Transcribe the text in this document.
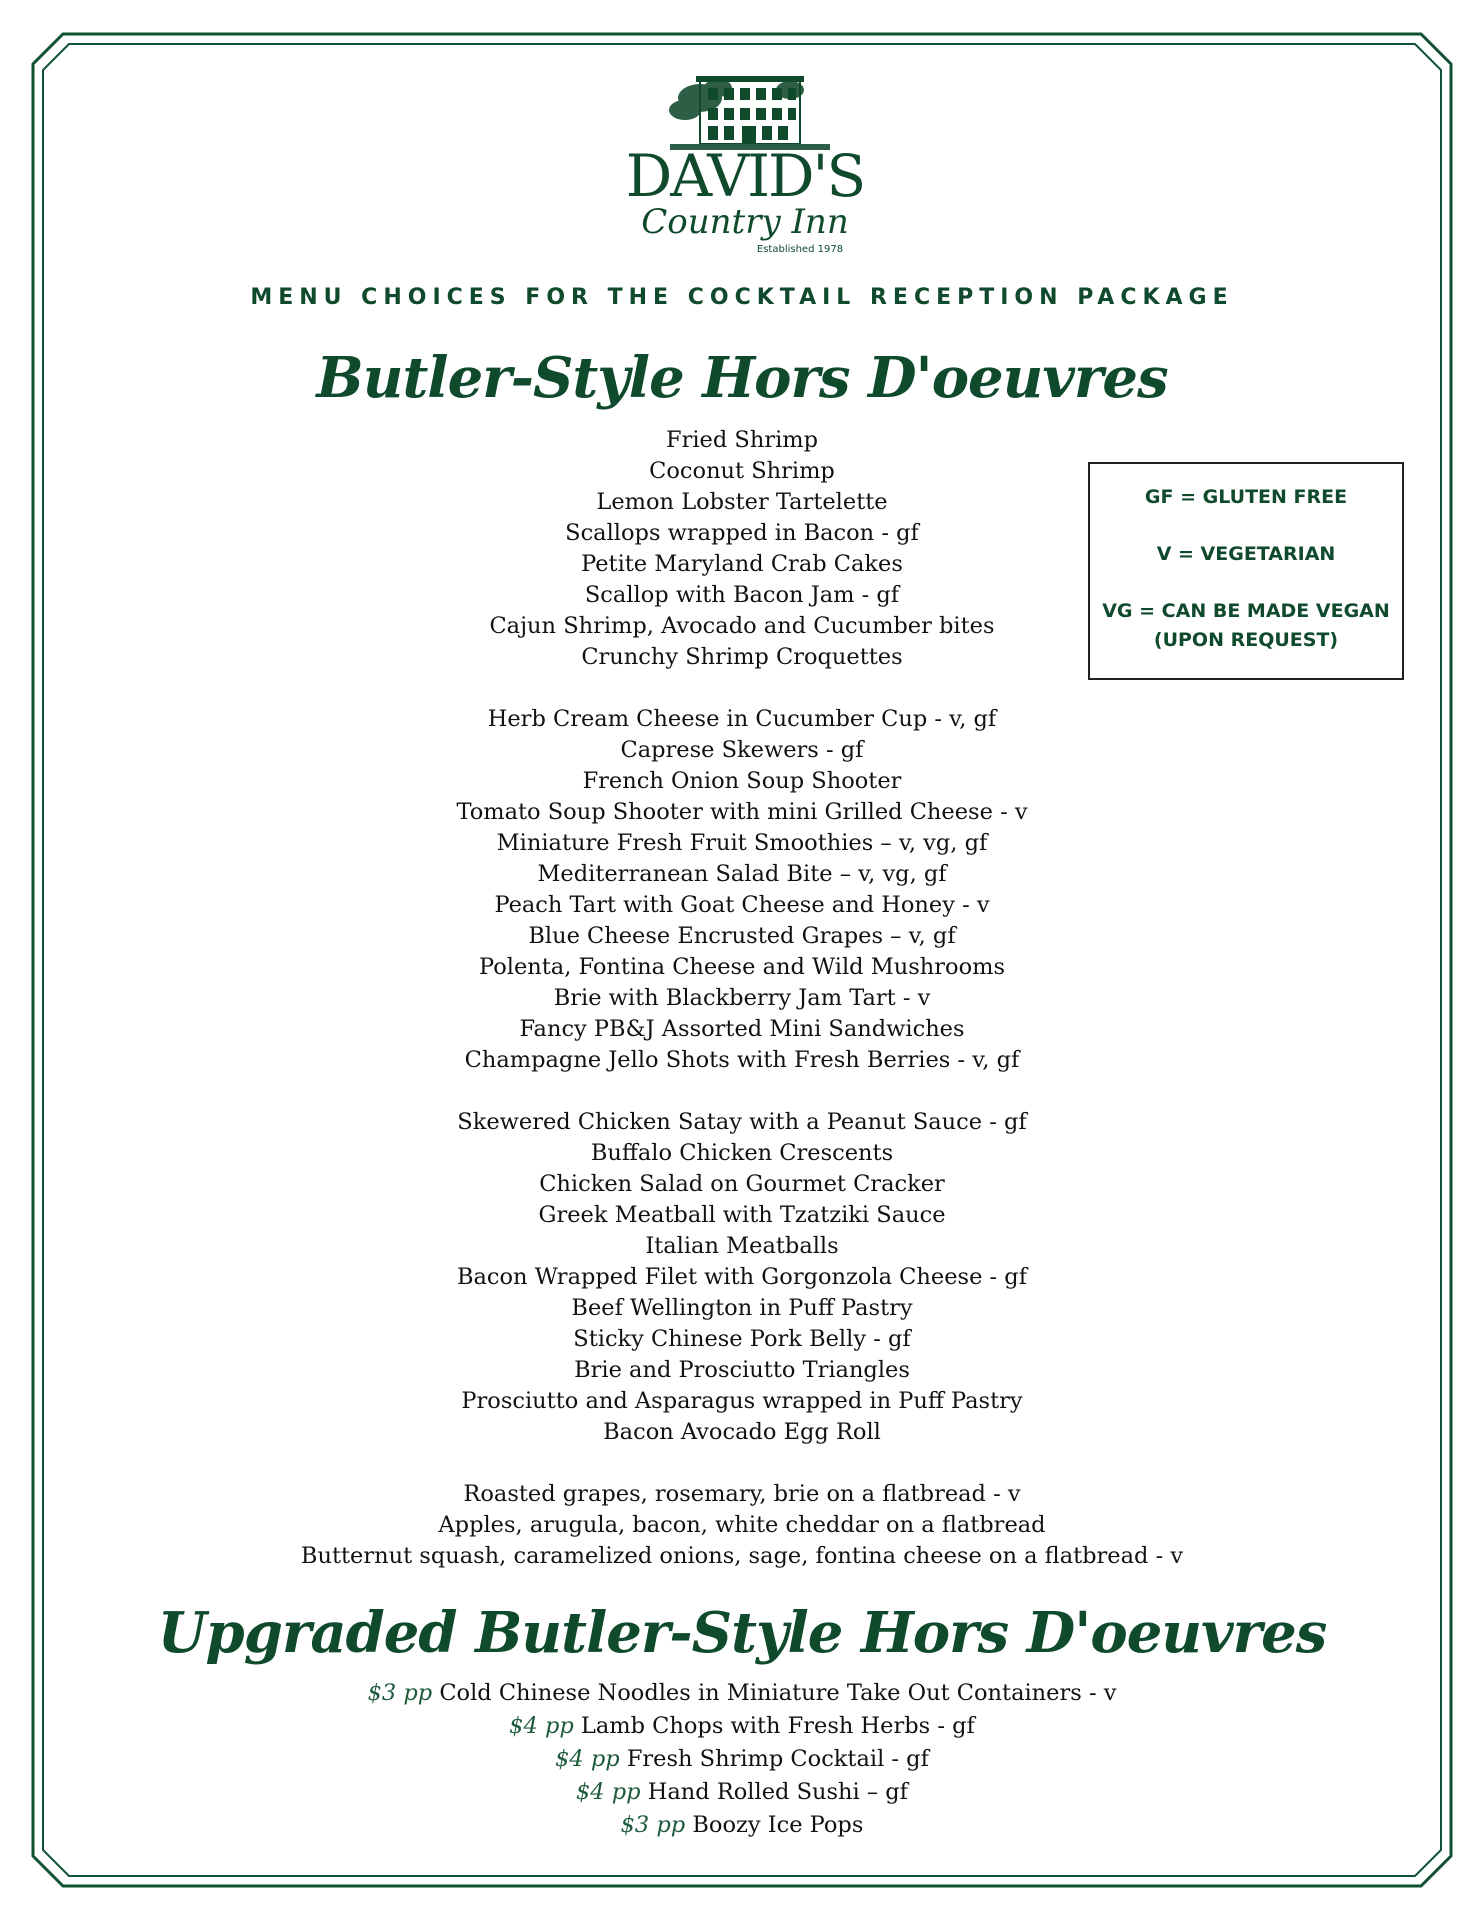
DAVID'S
Country Inn
Established 1978
MENU CHOICES FOR THE COCKTAIL RECEPTION PACKAGE
Butler-Style Hors D'oeuvres
Fried Shrimp
Coconut Shrimp
Lemon Lobster Tartelette
Scallops wrapped in Bacon - gf
Petite Maryland Crab Cakes
Scallop with Bacon Jam - gf
Cajun Shrimp, Avocado and Cucumber bites
Crunchy Shrimp Croquettes
Herb Cream Cheese in Cucumber Cup - v, gf
Caprese Skewers - gf
French Onion Soup Shooter
Tomato Soup Shooter with mini Grilled Cheese - v
Miniature Fresh Fruit Smoothies – v, vg, gf
Mediterranean Salad Bite – v, vg, gf
Peach Tart with Goat Cheese and Honey - v
Blue Cheese Encrusted Grapes – v, gf
Polenta, Fontina Cheese and Wild Mushrooms
Brie with Blackberry Jam Tart - v
Fancy PB&J Assorted Mini Sandwiches
Champagne Jello Shots with Fresh Berries - v, gf
Skewered Chicken Satay with a Peanut Sauce - gf
Buffalo Chicken Crescents
Chicken Salad on Gourmet Cracker
Greek Meatball with Tzatziki Sauce
Italian Meatballs
Bacon Wrapped Filet with Gorgonzola Cheese - gf
Beef Wellington in Puff Pastry
Sticky Chinese Pork Belly - gf
Brie and Prosciutto Triangles
Prosciutto and Asparagus wrapped in Puff Pastry
Bacon Avocado Egg Roll
Roasted grapes, rosemary, brie on a flatbread - v
Apples, arugula, bacon, white cheddar on a flatbread
Butternut squash, caramelized onions, sage, fontina cheese on a flatbread - v
GF = GLUTEN FREE
V = VEGETARIAN
VG = CAN BE MADE VEGAN
(UPON REQUEST)
Upgraded Butler-Style Hors D'oeuvres
$3 pp Cold Chinese Noodles in Miniature Take Out Containers - v
$4 pp Lamb Chops with Fresh Herbs - gf
$4 pp Fresh Shrimp Cocktail - gf
$4 pp Hand Rolled Sushi – gf
$3 pp Boozy Ice Pops
